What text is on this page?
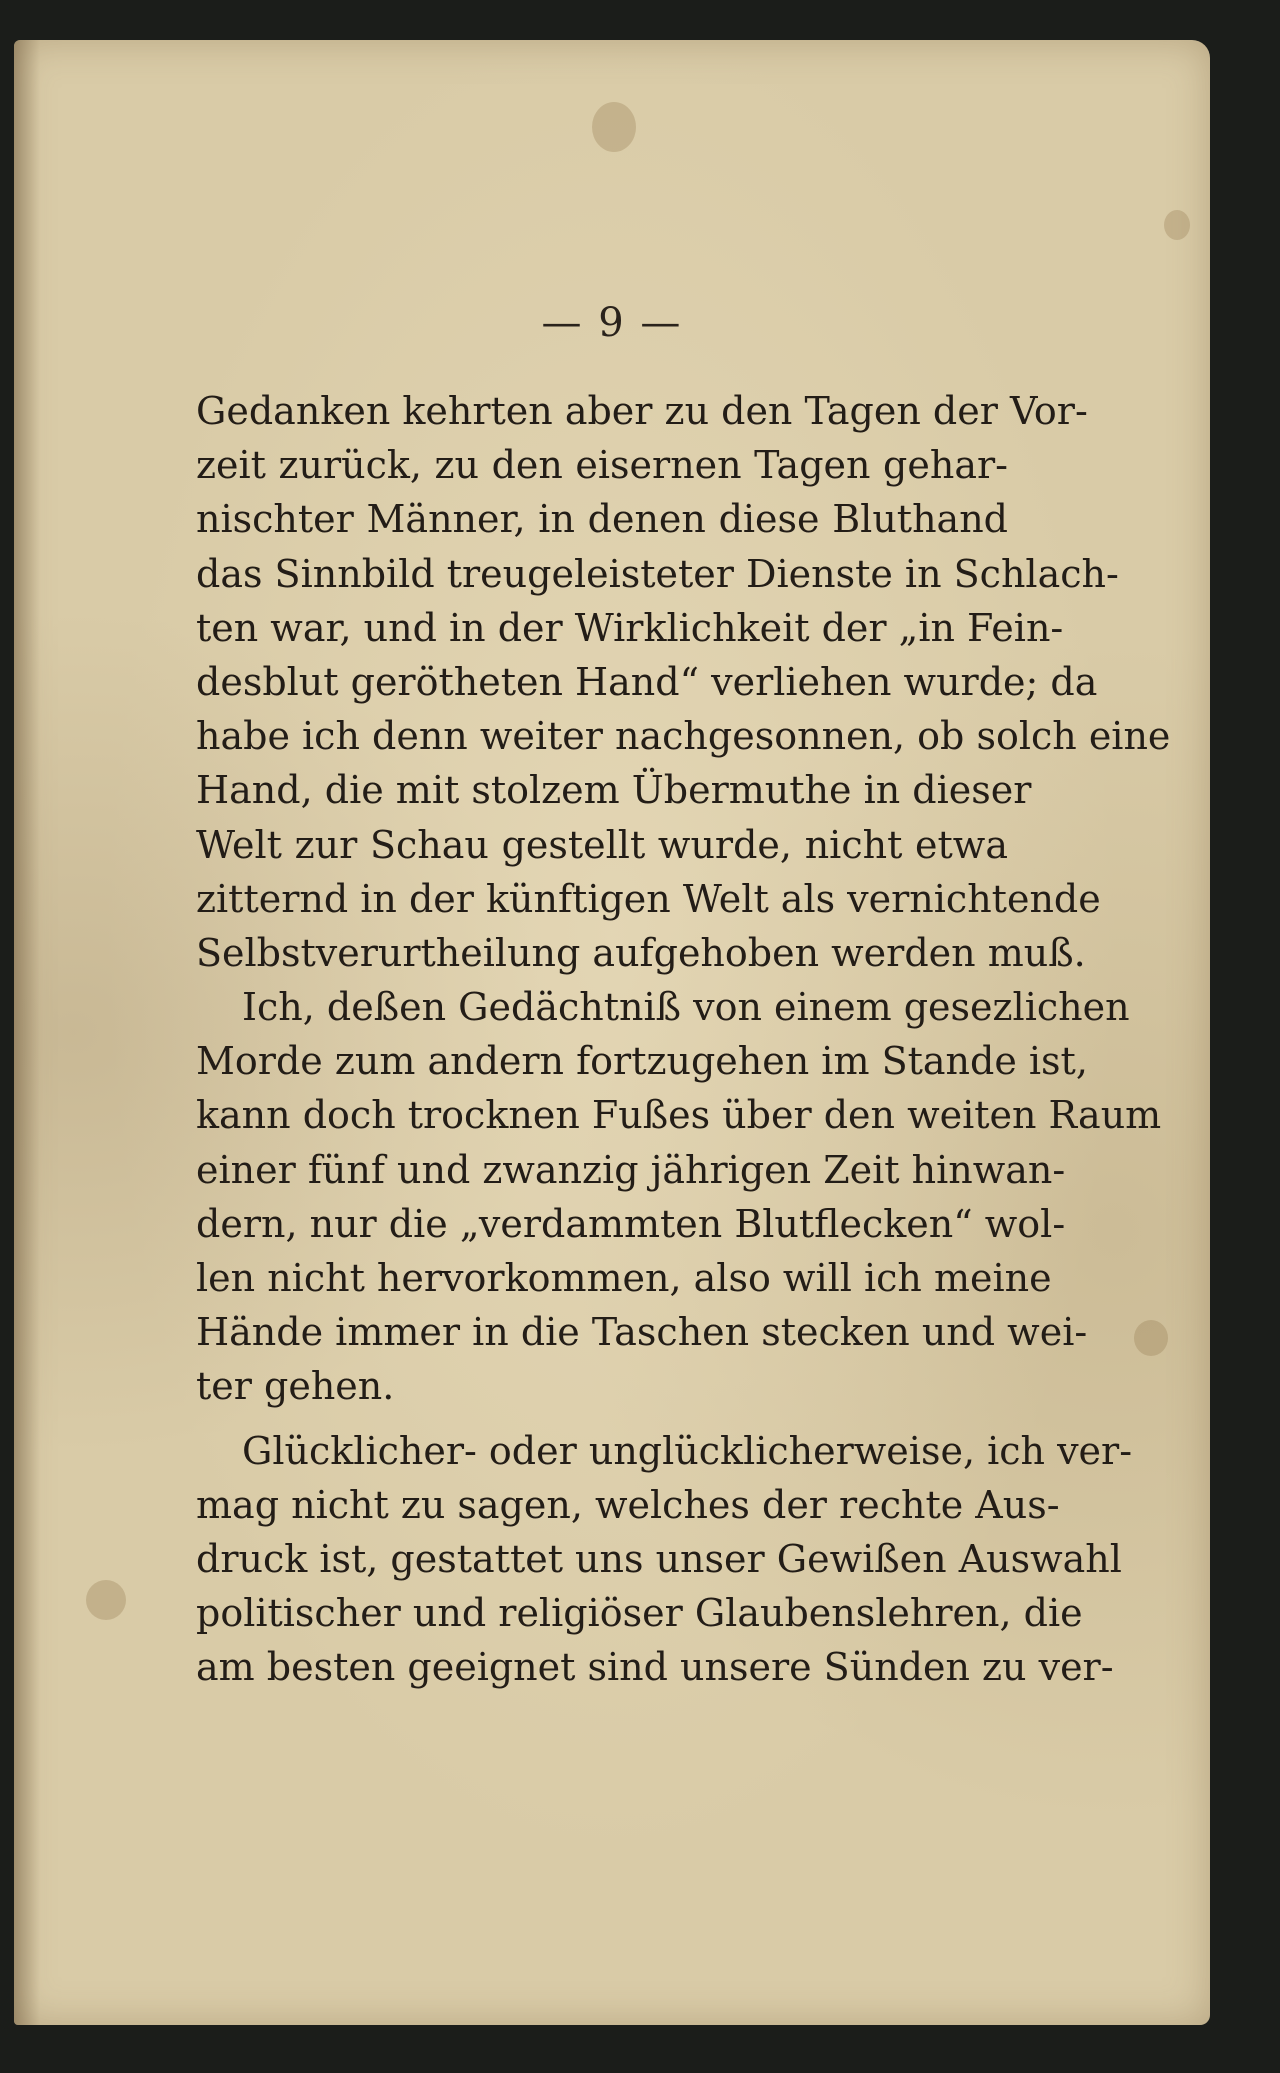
— 9 —
Gedanken kehrten aber zu den Tagen der Vor-
zeit zurück, zu den eisernen Tagen gehar-
nischter Männer, in denen diese Bluthand
das Sinnbild treugeleisteter Dienste in Schlach-
ten war, und in der Wirklichkeit der „in Fein-
desblut gerötheten Hand“ verliehen wurde; da
habe ich denn weiter nachgesonnen, ob solch eine
Hand, die mit stolzem Übermuthe in dieser
Welt zur Schau gestellt wurde, nicht etwa
zitternd in der künftigen Welt als vernichtende
Selbstverurtheilung aufgehoben werden muß.
Ich, deßen Gedächtniß von einem gesezlichen
Morde zum andern fortzugehen im Stande ist,
kann doch trocknen Fußes über den weiten Raum
einer fünf und zwanzig jährigen Zeit hinwan-
dern, nur die „verdammten Blutflecken“ wol-
len nicht hervorkommen, also will ich meine
Hände immer in die Taschen stecken und wei-
ter gehen.
Glücklicher- oder unglücklicherweise, ich ver-
mag nicht zu sagen, welches der rechte Aus-
druck ist, gestattet uns unser Gewißen Auswahl
politischer und religiöser Glaubenslehren, die
am besten geeignet sind unsere Sünden zu ver-
